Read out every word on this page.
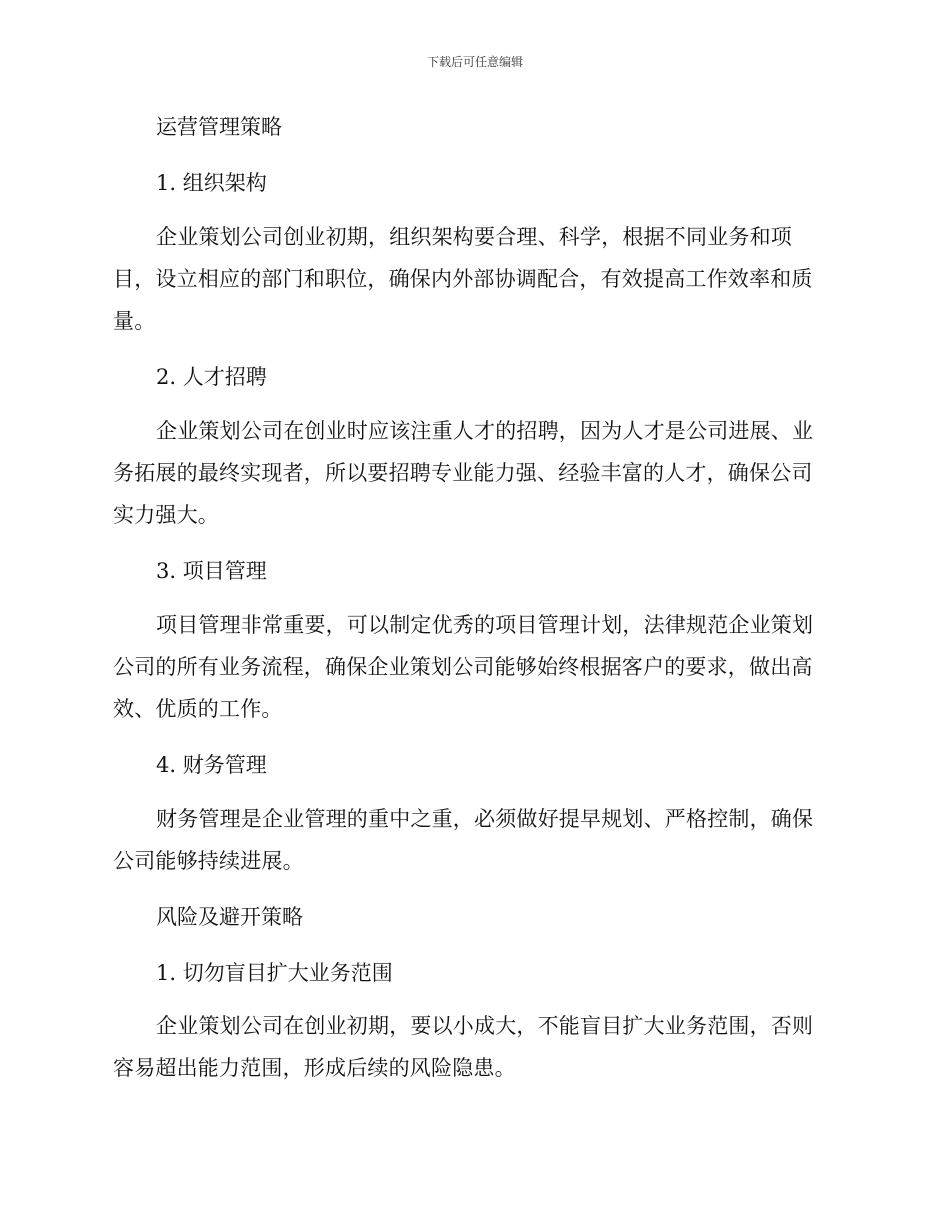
下载后可任意编辑
运营管理策略
1. 组织架构

企业策划公司创业初期，组织架构要合理、科学，根据不同业务和项目，设立相应的部门和职位，确保内外部协调配合，有效提高工作效率和质量。

2. 人才招聘

企业策划公司在创业时应该注重人才的招聘，因为人才是公司进展、业务拓展的最终实现者，所以要招聘专业能力强、经验丰富的人才，确保公司实力强大。

3. 项目管理

项目管理非常重要，可以制定优秀的项目管理计划，法律规范企业策划公司的所有业务流程，确保企业策划公司能够始终根据客户的要求，做出高效、优质的工作。

4. 财务管理

财务管理是企业管理的重中之重，必须做好提早规划、严格控制，确保公司能够持续进展。

风险及避开策略
1. 切勿盲目扩大业务范围

企业策划公司在创业初期，要以小成大，不能盲目扩大业务范围，否则容易超出能力范围，形成后续的风险隐患。
